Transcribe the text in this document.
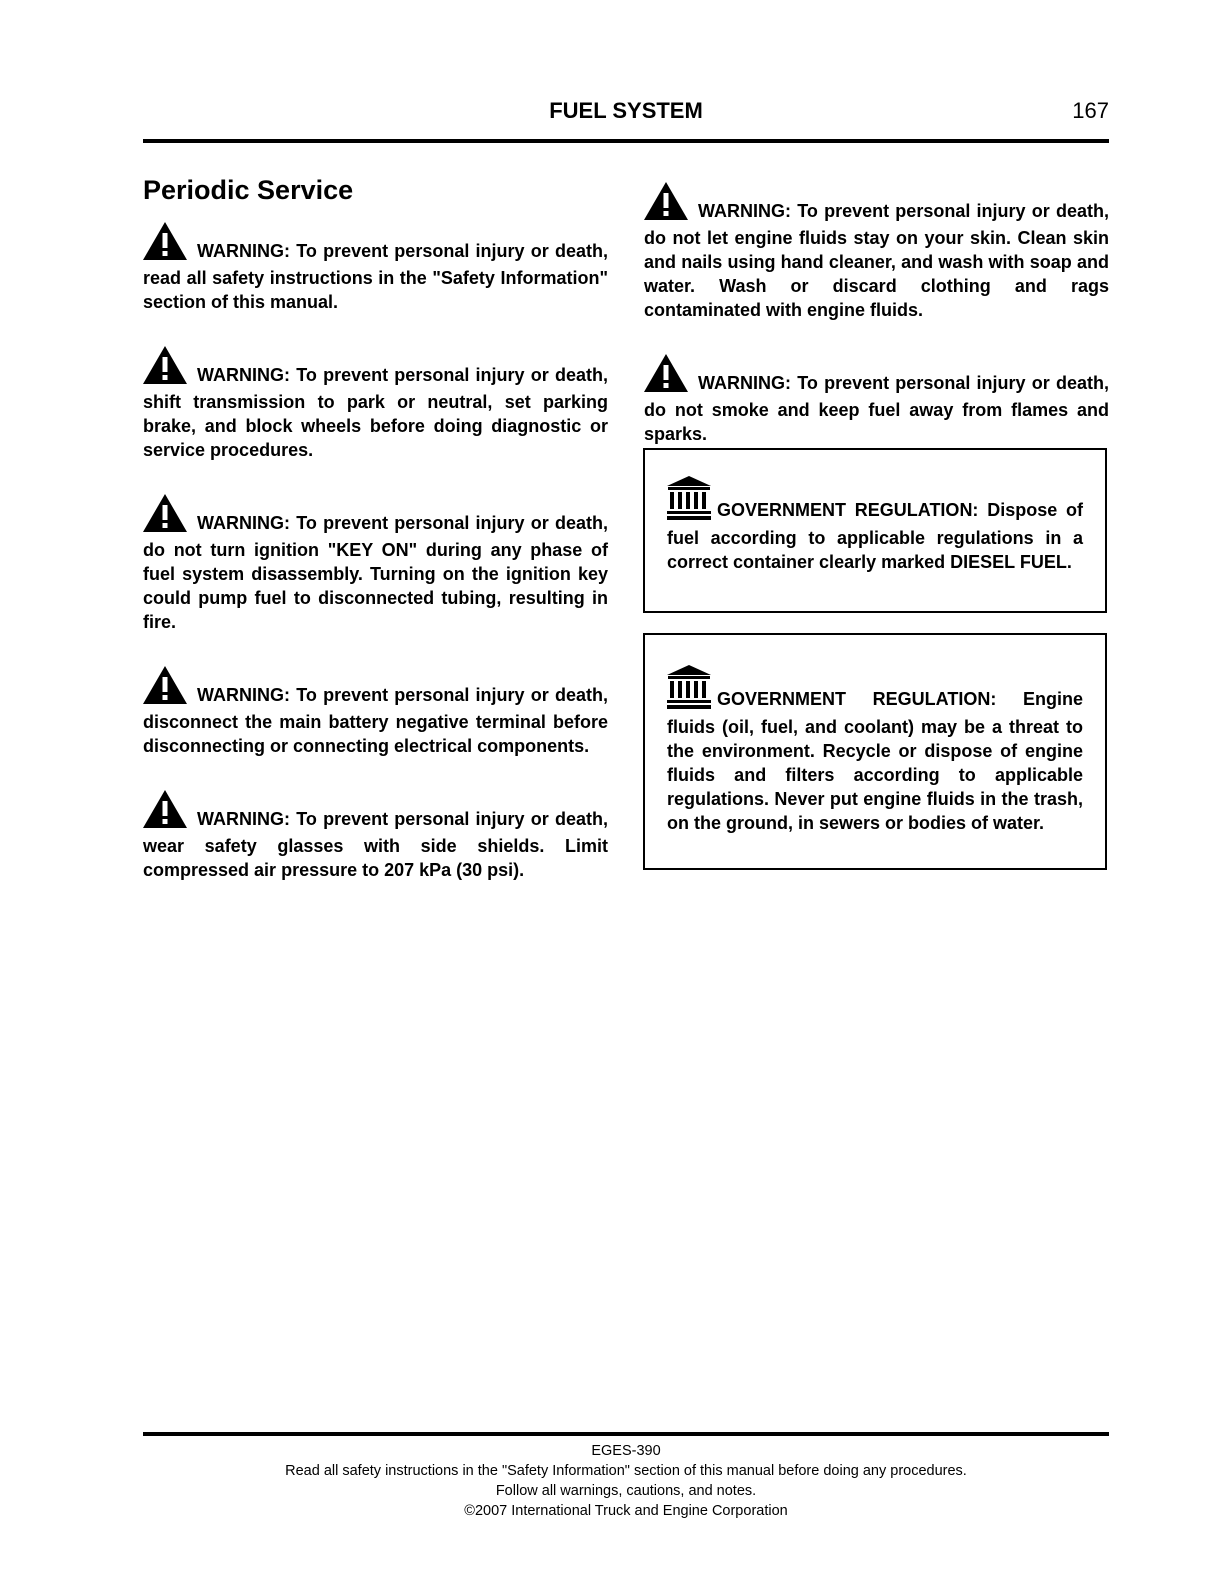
FUEL SYSTEM	167
Periodic Service
WARNING: To prevent personal injury or death, read all safety instructions in the "Safety Information" section of this manual.
WARNING: To prevent personal injury or death, shift transmission to park or neutral, set parking brake, and block wheels before doing diagnostic or service procedures.
WARNING: To prevent personal injury or death, do not turn ignition "KEY ON" during any phase of fuel system disassembly. Turning on the ignition key could pump fuel to disconnected tubing, resulting in fire.
WARNING: To prevent personal injury or death, disconnect the main battery negative terminal before disconnecting or connecting electrical components.
WARNING: To prevent personal injury or death, wear safety glasses with side shields. Limit compressed air pressure to 207 kPa (30 psi).
WARNING: To prevent personal injury or death, do not let engine fluids stay on your skin. Clean skin and nails using hand cleaner, and wash with soap and water. Wash or discard clothing and rags contaminated with engine fluids.
WARNING: To prevent personal injury or death, do not smoke and keep fuel away from flames and sparks.
GOVERNMENT REGULATION: Dispose of fuel according to applicable regulations in a correct container clearly marked DIESEL FUEL.
GOVERNMENT REGULATION: Engine fluids (oil, fuel, and coolant) may be a threat to the environment. Recycle or dispose of engine fluids and filters according to applicable regulations. Never put engine fluids in the trash, on the ground, in sewers or bodies of water.
EGES-390
Read all safety instructions in the "Safety Information" section of this manual before doing any procedures.
Follow all warnings, cautions, and notes.
©2007 International Truck and Engine Corporation
